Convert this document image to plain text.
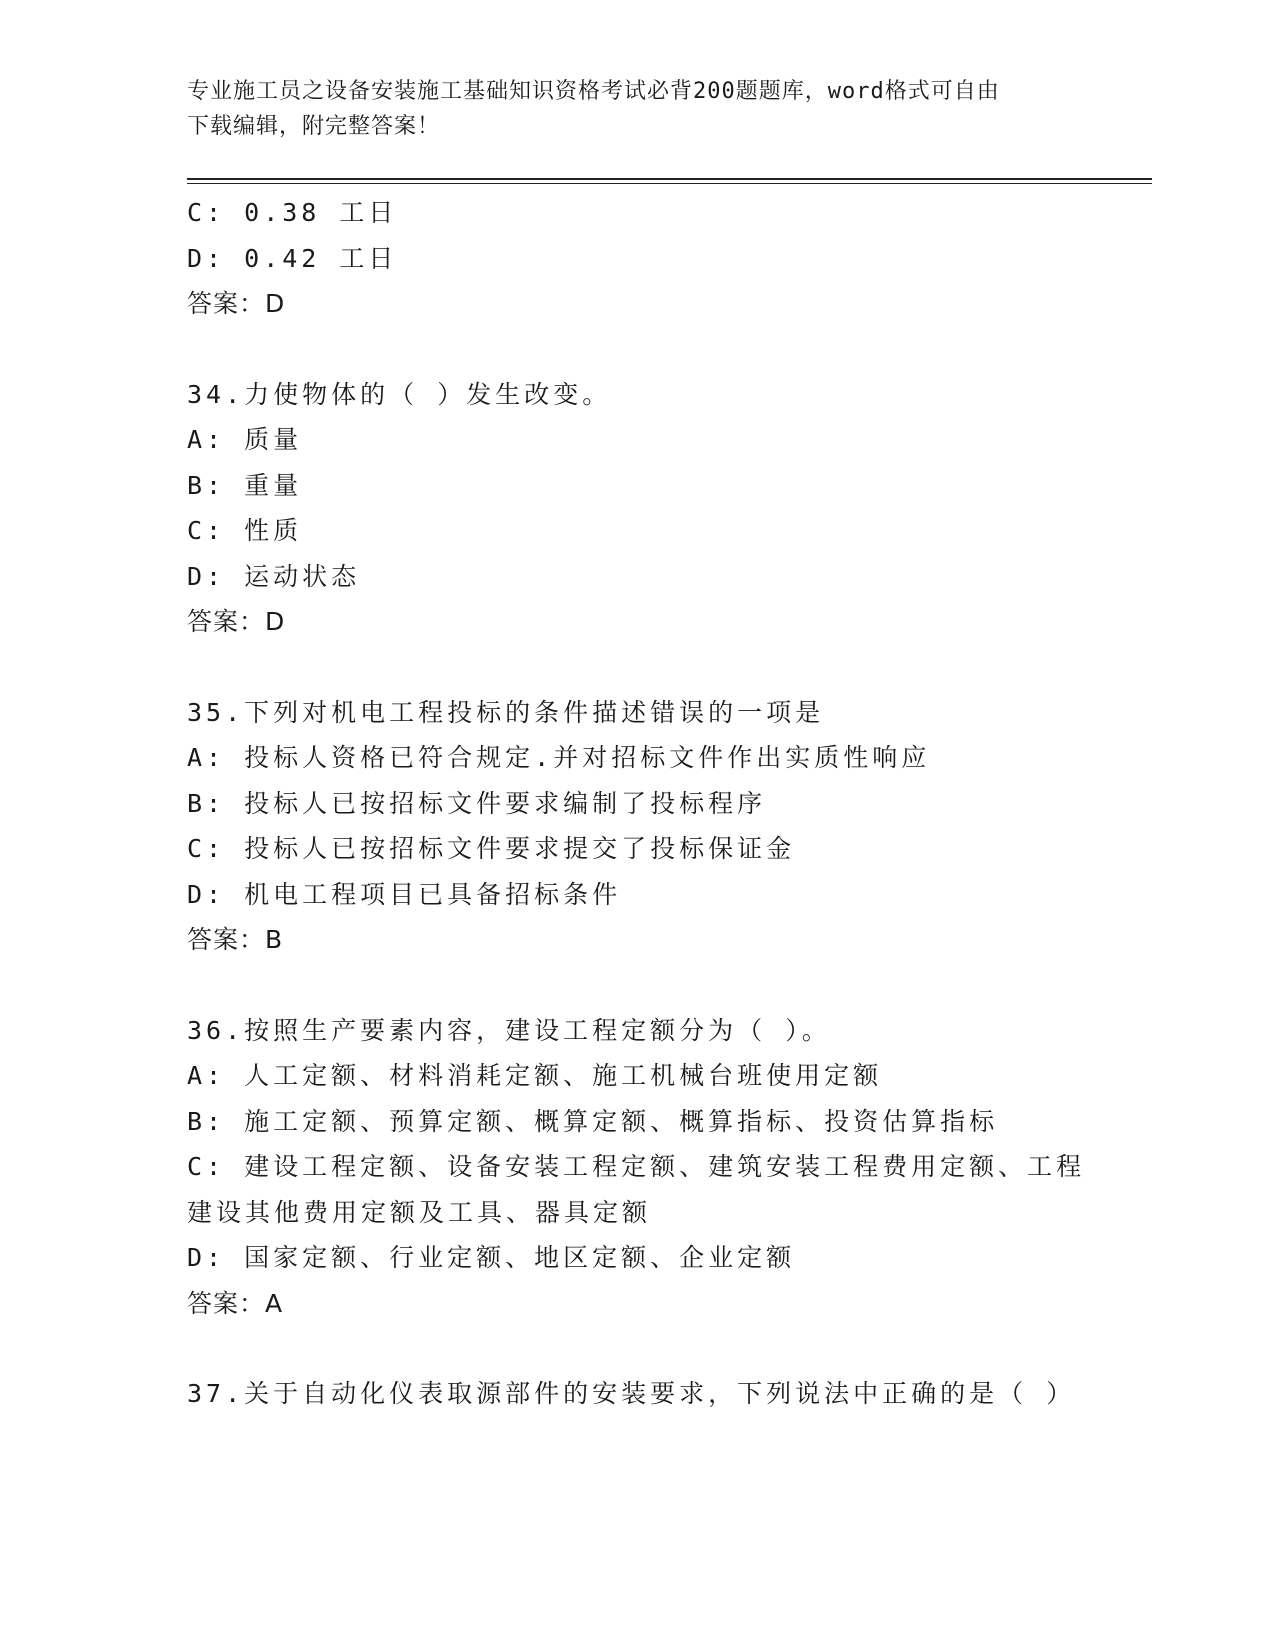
专业施工员之设备安装施工基础知识资格考试必背200题题库，word格式可自由
下载编辑，附完整答案！
C: 0.38 工日
D: 0.42 工日
答案：D
34.力使物体的（ ）发生改变。
A: 质量
B: 重量
C: 性质
D: 运动状态
答案：D
35.下列对机电工程投标的条件描述错误的一项是
A: 投标人资格已符合规定.并对招标文件作出实质性响应
B: 投标人已按招标文件要求编制了投标程序
C: 投标人已按招标文件要求提交了投标保证金
D: 机电工程项目已具备招标条件
答案：B
36.按照生产要素内容，建设工程定额分为（ ）。
A: 人工定额、材料消耗定额、施工机械台班使用定额
B: 施工定额、预算定额、概算定额、概算指标、投资估算指标
C: 建设工程定额、设备安装工程定额、建筑安装工程费用定额、工程
建设其他费用定额及工具、器具定额
D: 国家定额、行业定额、地区定额、企业定额
答案：A
37.关于自动化仪表取源部件的安装要求，下列说法中正确的是（ ）
